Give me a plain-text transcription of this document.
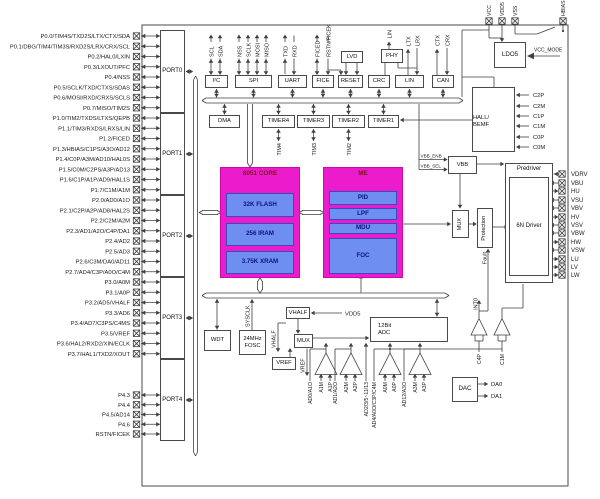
P0.0/TIM4S/TXD2S/LTX/CTX/SDA
P0.1/DBG/TIM4/TIM3S/RXD2S/LRX/CRX/SCL
P0.2/HAL0/LXIN
P0.3/LXOUT/PFC
P0.4/NSS
P0.5/SCLK/TXD/CTXS/SDAS
P0.6/MOSI/RXD/CRXS/SCLS
P0.7/MISO/TIM2S
P1.0/TIM2/TXDS/LTXS/QEPB
P1.1/TIM3/RXDS/LRXS/LIN
P1.2/FICED
P1.3/HBIAS/C1PS/A3O/AD12
P1.4/C0P/A3M/AD10/HAL0S
P1.5/C0M/C2PS/A3P/AD13
P1.6/C1P/A1P/AD9/HAL1S
P1.7/C1M/A1M
P2.0/AD0/A1O
P2.1/C2P/A2P/AD8/HAL2S
P2.2/C2M/A2M
P2.3/AD1/A2O/C4P/DA1
P2.4/AD2
P2.5/AD3
P2.6/C3M/DA0/AD11
P2.7/AD4/C3P/A0O/C4M
P3.0/A0M
P3.1/A0P
P3.2/AD5/VHALF
P3.3/AD6
P3.4/AD7/C3PS/C4MS
P3.5/VREF
P3.6/HAL2/RXD2/XIN/ECLK
P3.7/HAL1/TXD2/XOUT
P4.3
P4.4
P4.5/AD14
P4.6
RSTN/FICEK
TIM4	TIM3	TIM2
SCL SDA NSS SCLK MOSI MISO TXD RXD	FICED RSTN/FICEK	LTX LRX	CTX CRX
LIN
VCC VDD5 VSS	HBIAS
VCC_MODE
C2P
C2M
C1P
C1M
C0P
C0M
VBB_ENB
VBB_SEL
Fault
INT0
C4P	C1M
VDRV
VBU
HU
VSU
VBV
HV
VSV
VBW
HW
VSW
LU
LV
LW
SYSCLK	VDD5
VHALF
VREF
AD0/A1O A1M A1P AD1/A2O A2M A2P	AD4/A0O/C3P/C4M A0M A0P AD12/A3O A3M A3P
AD2/3/5~11/13	DA0
DA1
I²C	SPI	UART	FICE	RESET	CRC	LIN	CAN
LVD	PHY	LDO5
DMA	TIMER4	TIMER3	TIMER2	TIMER1
8051 CORE
32K FLASH
256 IRAM
3.75K XRAM
ME
PID
LPF
MDU
FOC
HALL/
BEMF
VBB
Predriver
6N Driver
MUX	Protection
WDT	24MHz
FOSC
VHALF
MUX
VREF
12Bit
ADC
DAC
PORT0
PORT1
PORT2
PORT3
PORT4
